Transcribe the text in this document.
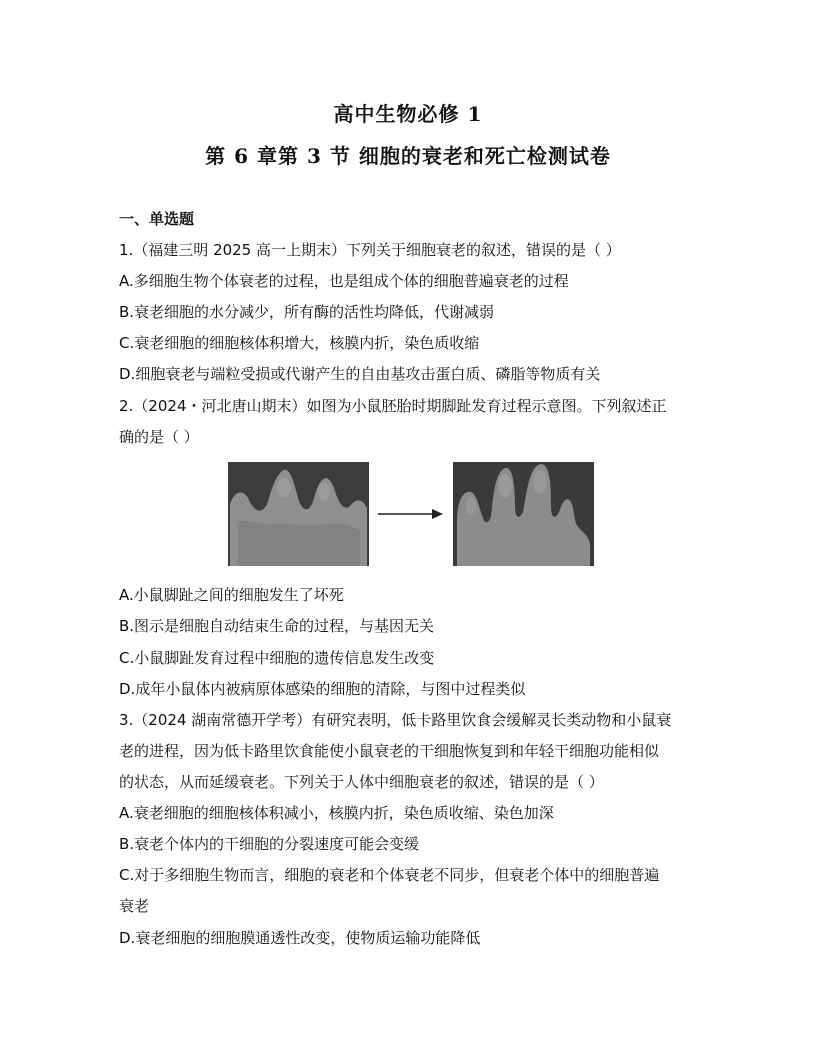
高中生物必修 1
第 6 章第 3 节 细胞的衰老和死亡检测试卷
一、单选题
1.（福建三明 2025 高一上期末）下列关于细胞衰老的叙述，错误的是（ ）
A.多细胞生物个体衰老的过程，也是组成个体的细胞普遍衰老的过程
B.衰老细胞的水分减少，所有酶的活性均降低，代谢减弱
C.衰老细胞的细胞核体积增大，核膜内折，染色质收缩
D.细胞衰老与端粒受损或代谢产生的自由基攻击蛋白质、磷脂等物质有关
2.（2024・河北唐山期末）如图为小鼠胚胎时期脚趾发育过程示意图。下列叙述正
确的是（ ）
A.小鼠脚趾之间的细胞发生了坏死
B.图示是细胞自动结束生命的过程，与基因无关
C.小鼠脚趾发育过程中细胞的遗传信息发生改变
D.成年小鼠体内被病原体感染的细胞的清除，与图中过程类似
3.（2024 湖南常德开学考）有研究表明，低卡路里饮食会缓解灵长类动物和小鼠衰
老的进程，因为低卡路里饮食能使小鼠衰老的干细胞恢复到和年轻干细胞功能相似
的状态，从而延缓衰老。下列关于人体中细胞衰老的叙述，错误的是（ ）
A.衰老细胞的细胞核体积减小，核膜内折，染色质收缩、染色加深
B.衰老个体内的干细胞的分裂速度可能会变缓
C.对于多细胞生物而言，细胞的衰老和个体衰老不同步，但衰老个体中的细胞普遍
衰老
D.衰老细胞的细胞膜通透性改变，使物质运输功能降低
